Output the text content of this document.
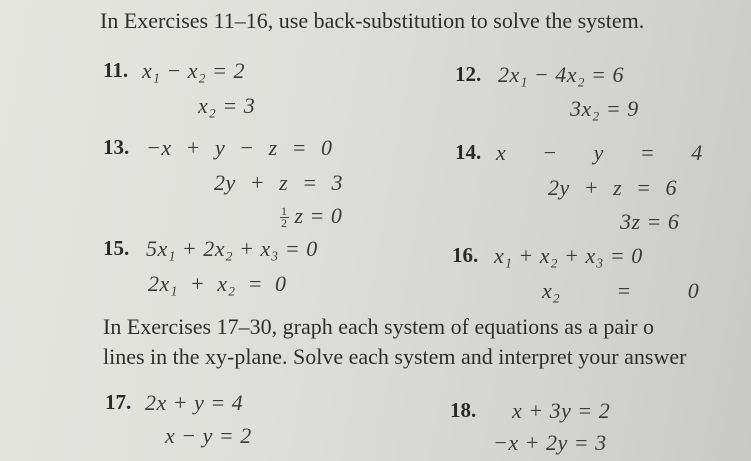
In Exercises 11–16, use back-substitution to solve the system.
11. x₁ − x₂ = 2
x₂ = 3
12. 2x₁ − 4x₂ = 6
3x₂ = 9
13. −x + y − z = 0
2y + z = 3
$\frac{1}{2}$ z = 0
14. x − y = 4
2y + z = 6
3z = 6
15. 5x₁ + 2x₂ + x₃ = 0
2x₁ + x₂ = 0
16. x₁ + x₂ + x₃ = 0
x₂ = 0
In Exercises 17–30, graph each system of equations as a pair o
lines in the xy-plane. Solve each system and interpret your answer
17. 2x + y = 4
x − y = 2
18. x + 3y = 2
−x + 2y = 3
